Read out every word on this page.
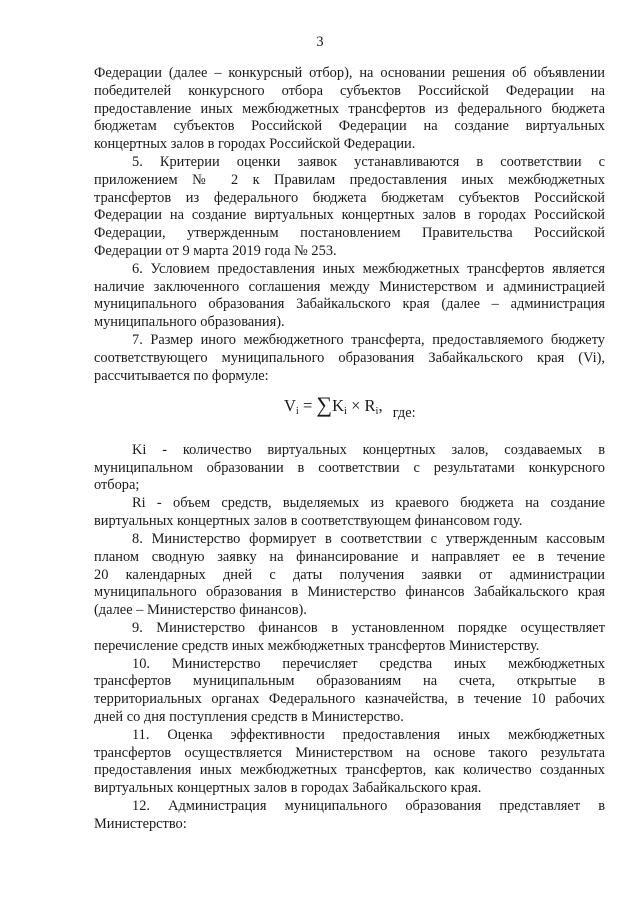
3
Федерации (далее – конкурсный отбор), на основании решения об объявлении
победителей конкурсного отбора субъектов Российской Федерации на
предоставление иных межбюджетных трансфертов из федерального бюджета
бюджетам субъектов Российской Федерации на создание виртуальных
концертных залов в городах Российской Федерации.
5. Критерии оценки заявок устанавливаются в соответствии с
приложением № 2 к Правилам предоставления иных межбюджетных
трансфертов из федерального бюджета бюджетам субъектов Российской
Федерации на создание виртуальных концертных залов в городах Российской
Федерации, утвержденным постановлением Правительства Российской
Федерации от 9 марта 2019 года № 253.
6. Условием предоставления иных межбюджетных трансфертов является
наличие заключенного соглашения между Министерством и администрацией
муниципального образования Забайкальского края (далее – администрация
муниципального образования).
7. Размер иного межбюджетного трансферта, предоставляемого бюджету
соответствующего муниципального образования Забайкальского края (Vi),
рассчитывается по формуле:
$V_i = \sum K_i \times R_i$, где:
Ki - количество виртуальных концертных залов, создаваемых в
муниципальном образовании в соответствии с результатами конкурсного
отбора;
Ri - объем средств, выделяемых из краевого бюджета на создание
виртуальных концертных залов в соответствующем финансовом году.
8. Министерство формирует в соответствии с утвержденным кассовым
планом сводную заявку на финансирование и направляет ее в течение
20 календарных дней с даты получения заявки от администрации
муниципального образования в Министерство финансов Забайкальского края
(далее – Министерство финансов).
9. Министерство финансов в установленном порядке осуществляет
перечисление средств иных межбюджетных трансфертов Министерству.
10. Министерство перечисляет средства иных межбюджетных
трансфертов муниципальным образованиям на счета, открытые в
территориальных органах Федерального казначейства, в течение 10 рабочих
дней со дня поступления средств в Министерство.
11. Оценка эффективности предоставления иных межбюджетных
трансфертов осуществляется Министерством на основе такого результата
предоставления иных межбюджетных трансфертов, как количество созданных
виртуальных концертных залов в городах Забайкальского края.
12. Администрация муниципального образования представляет в
Министерство:
